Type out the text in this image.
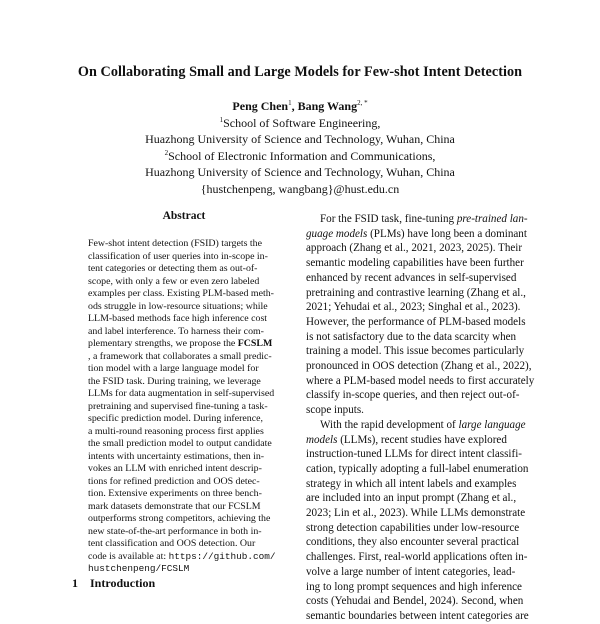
On Collaborating Small and Large Models for Few-shot Intent Detection
Peng Chen$^1$, Bang Wang$^{2, *}$
$^1$School of Software Engineering,
Huazhong University of Science and Technology, Wuhan, China
$^2$School of Electronic Information and Communications,
Huazhong University of Science and Technology, Wuhan, China
{hustchenpeng, wangbang}@hust.edu.cn
Abstract
Few-shot intent detection (FSID) targets the
classification of user queries into in-scope in-
tent categories or detecting them as out-of-
scope, with only a few or even zero labeled
examples per class. Existing PLM-based meth-
ods struggle in low-resource situations; while
LLM-based methods face high inference cost
and label interference. To harness their com-
plementary strengths, we propose the FCSLM
, a framework that collaborates a small predic-
tion model with a large language model for
the FSID task. During training, we leverage
LLMs for data augmentation in self-supervised
pretraining and supervised fine-tuning a task-
specific prediction model. During inference,
a multi-round reasoning process first applies
the small prediction model to output candidate
intents with uncertainty estimations, then in-
vokes an LLM with enriched intent descrip-
tions for refined prediction and OOS detec-
tion. Extensive experiments on three bench-
mark datasets demonstrate that our FCSLM
outperforms strong competitors, achieving the
new state-of-the-art performance in both in-
tent classification and OOS detection. Our
code is available at: https://github.com/
hustchenpeng/FCSLM
1 Introduction
For the FSID task, fine-tuning pre-trained lan-
guage models (PLMs) have long been a dominant
approach (Zhang et al., 2021, 2023, 2025). Their
semantic modeling capabilities have been further
enhanced by recent advances in self-supervised
pretraining and contrastive learning (Zhang et al.,
2021; Yehudai et al., 2023; Singhal et al., 2023).
However, the performance of PLM-based models
is not satisfactory due to the data scarcity when
training a model. This issue becomes particularly
pronounced in OOS detection (Zhang et al., 2022),
where a PLM-based model needs to first accurately
classify in-scope queries, and then reject out-of-
scope inputs.
With the rapid development of large language
models (LLMs), recent studies have explored
instruction-tuned LLMs for direct intent classifi-
cation, typically adopting a full-label enumeration
strategy in which all intent labels and examples
are included into an input prompt (Zhang et al.,
2023; Lin et al., 2023). While LLMs demonstrate
strong detection capabilities under low-resource
conditions, they also encounter several practical
challenges. First, real-world applications often in-
volve a large number of intent categories, lead-
ing to long prompt sequences and high inference
costs (Yehudai and Bendel, 2024). Second, when
semantic boundaries between intent categories are
